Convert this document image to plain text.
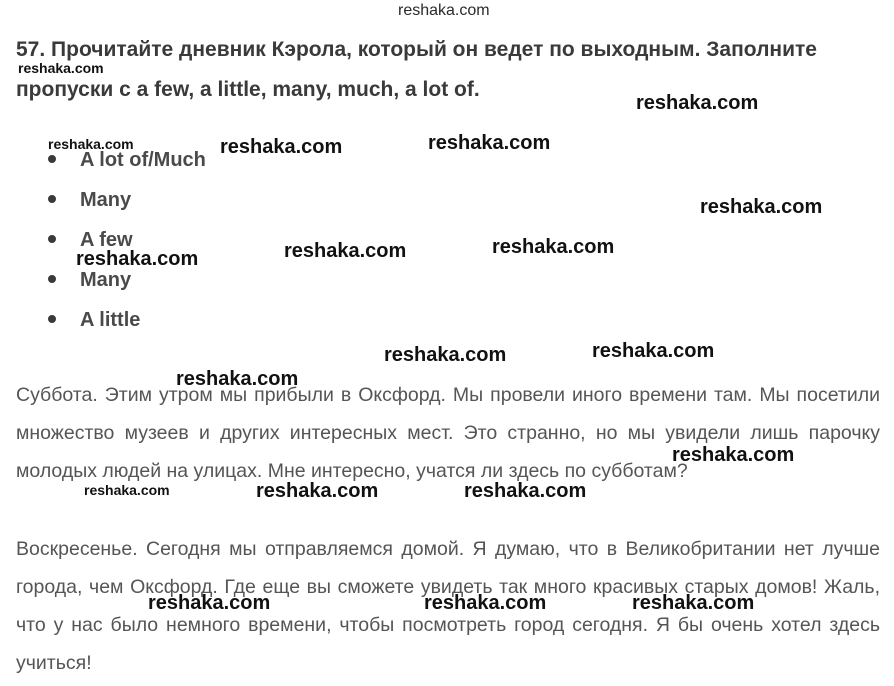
57. Прочитайте дневник Кэрола, который он ведет по выходным. Заполните пропуски с a few, a little, many, much, a lot of.
A lot of/Much
Many
A few
Many
A little
Суббота. Этим утром мы прибыли в Оксфорд. Мы провели иного времени там. Мы посетили множество музеев и других интересных мест. Это странно, но мы увидели лишь парочку молодых людей на улицах. Мне интересно, учатся ли здесь по субботам?
Воскресенье. Сегодня мы отправляемся домой. Я думаю, что в Великобритании нет лучше города, чем Оксфорд. Где еще вы сможете увидеть так много красивых старых домов! Жаль, что у нас было немного времени, чтобы посмотреть город сегодня. Я бы очень хотел здесь учиться!
reshaka.com
reshaka.com
reshaka.com
reshaka.com	reshaka.com	reshaka.com
reshaka.com
reshaka.com	reshaka.com	reshaka.com
reshaka.com	reshaka.com
reshaka.com
reshaka.com
reshaka.com	reshaka.com	reshaka.com
reshaka.com	reshaka.com	reshaka.com
